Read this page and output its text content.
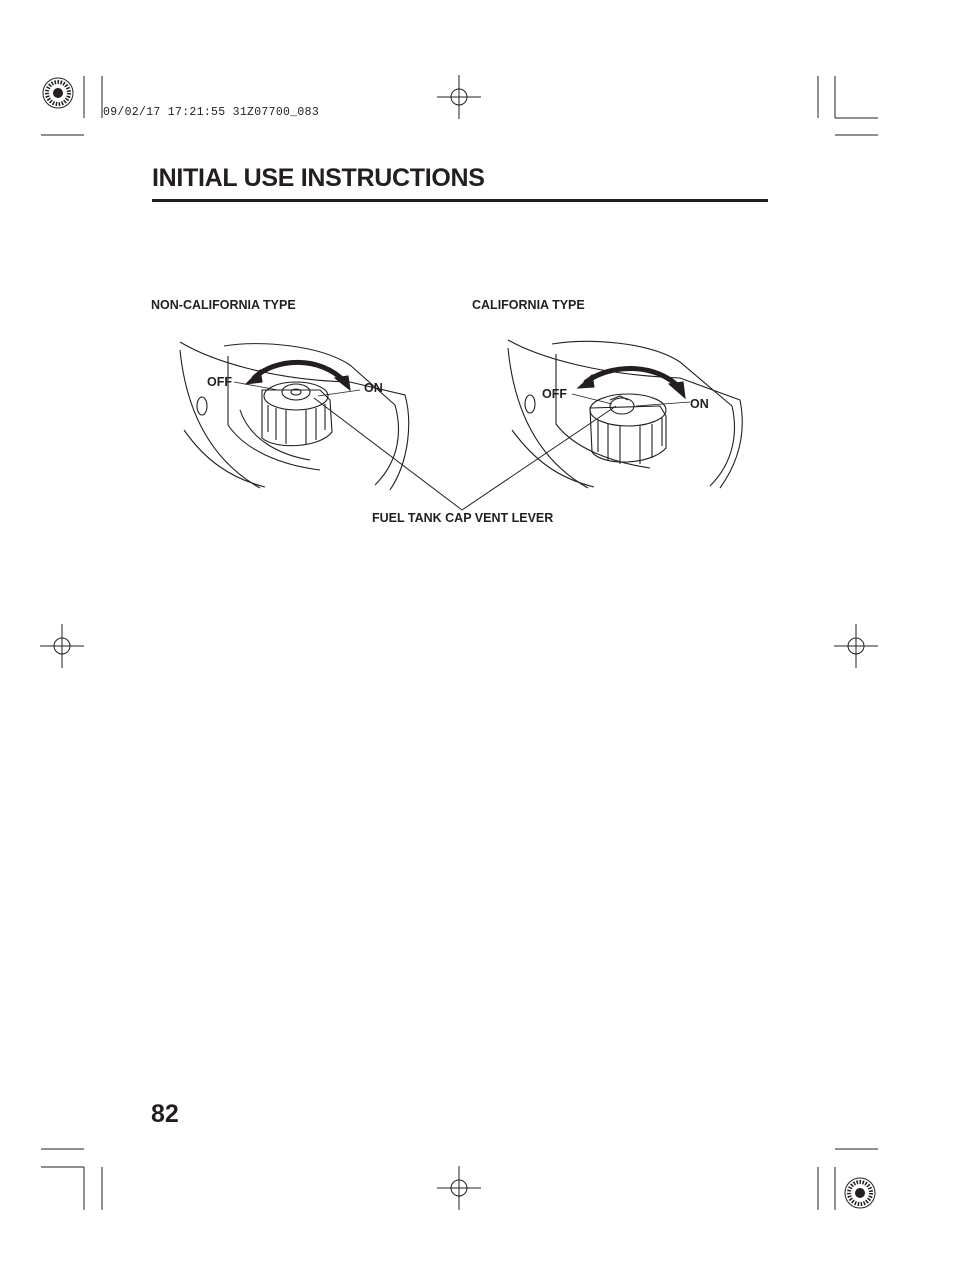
09/02/17 17:21:55 31Z07700_083
INITIAL USE INSTRUCTIONS
NON-CALIFORNIA TYPE	CALIFORNIA TYPE
OFF	ON	OFF
ON
FUEL TANK CAP VENT LEVER
82
